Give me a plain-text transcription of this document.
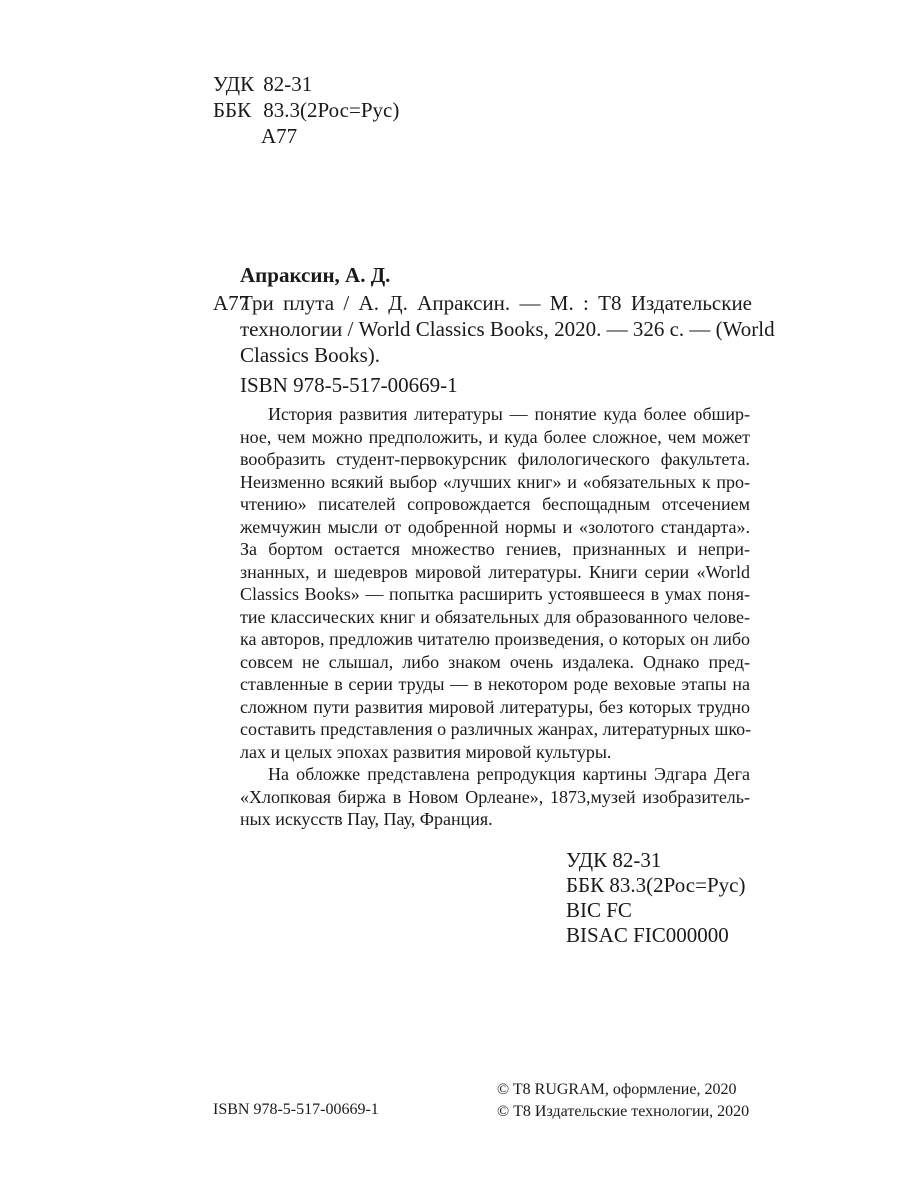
УДК 82-31
ББК 83.3(2Рос=Рус)
А77
Апраксин, А. Д.
А77
Три плута / А. Д. Апраксин. — М. : Т8 Издательские
технологии / World Classics Books, 2020. — 326 с. — (World
Classics Books).
ISBN 978-5-517-00669-1
История развития литературы — понятие куда более обшир-
ное, чем можно предположить, и куда более сложное, чем может
вообразить студент-первокурсник филологического факультета.
Неизменно всякий выбор «лучших книг» и «обязательных к про-
чтению» писателей сопровождается беспощадным отсечением
жемчужин мысли от одобренной нормы и «золотого стандарта».
За бортом остается множество гениев, признанных и непри-
знанных, и шедевров мировой литературы. Книги серии «World
Classics Books» — попытка расширить устоявшееся в умах поня-
тие классических книг и обязательных для образованного челове-
ка авторов, предложив читателю произведения, о которых он либо
совсем не слышал, либо знаком очень издалека. Однако пред-
ставленные в серии труды — в некотором роде веховые этапы на
сложном пути развития мировой литературы, без которых трудно
составить представления о различных жанрах, литературных шко-
лах и целых эпохах развития мировой культуры.
На обложке представлена репродукция картины Эдгара Дега
«Хлопковая биржа в Новом Орлеане», 1873,музей изобразитель-
ных искусств Пау, Пау, Франция.
УДК 82-31
ББК 83.3(2Рос=Рус)
BIC FC
BISAC FIC000000
ISBN 978-5-517-00669-1
© T8 RUGRAM, оформление, 2020
© Т8 Издательские технологии, 2020
